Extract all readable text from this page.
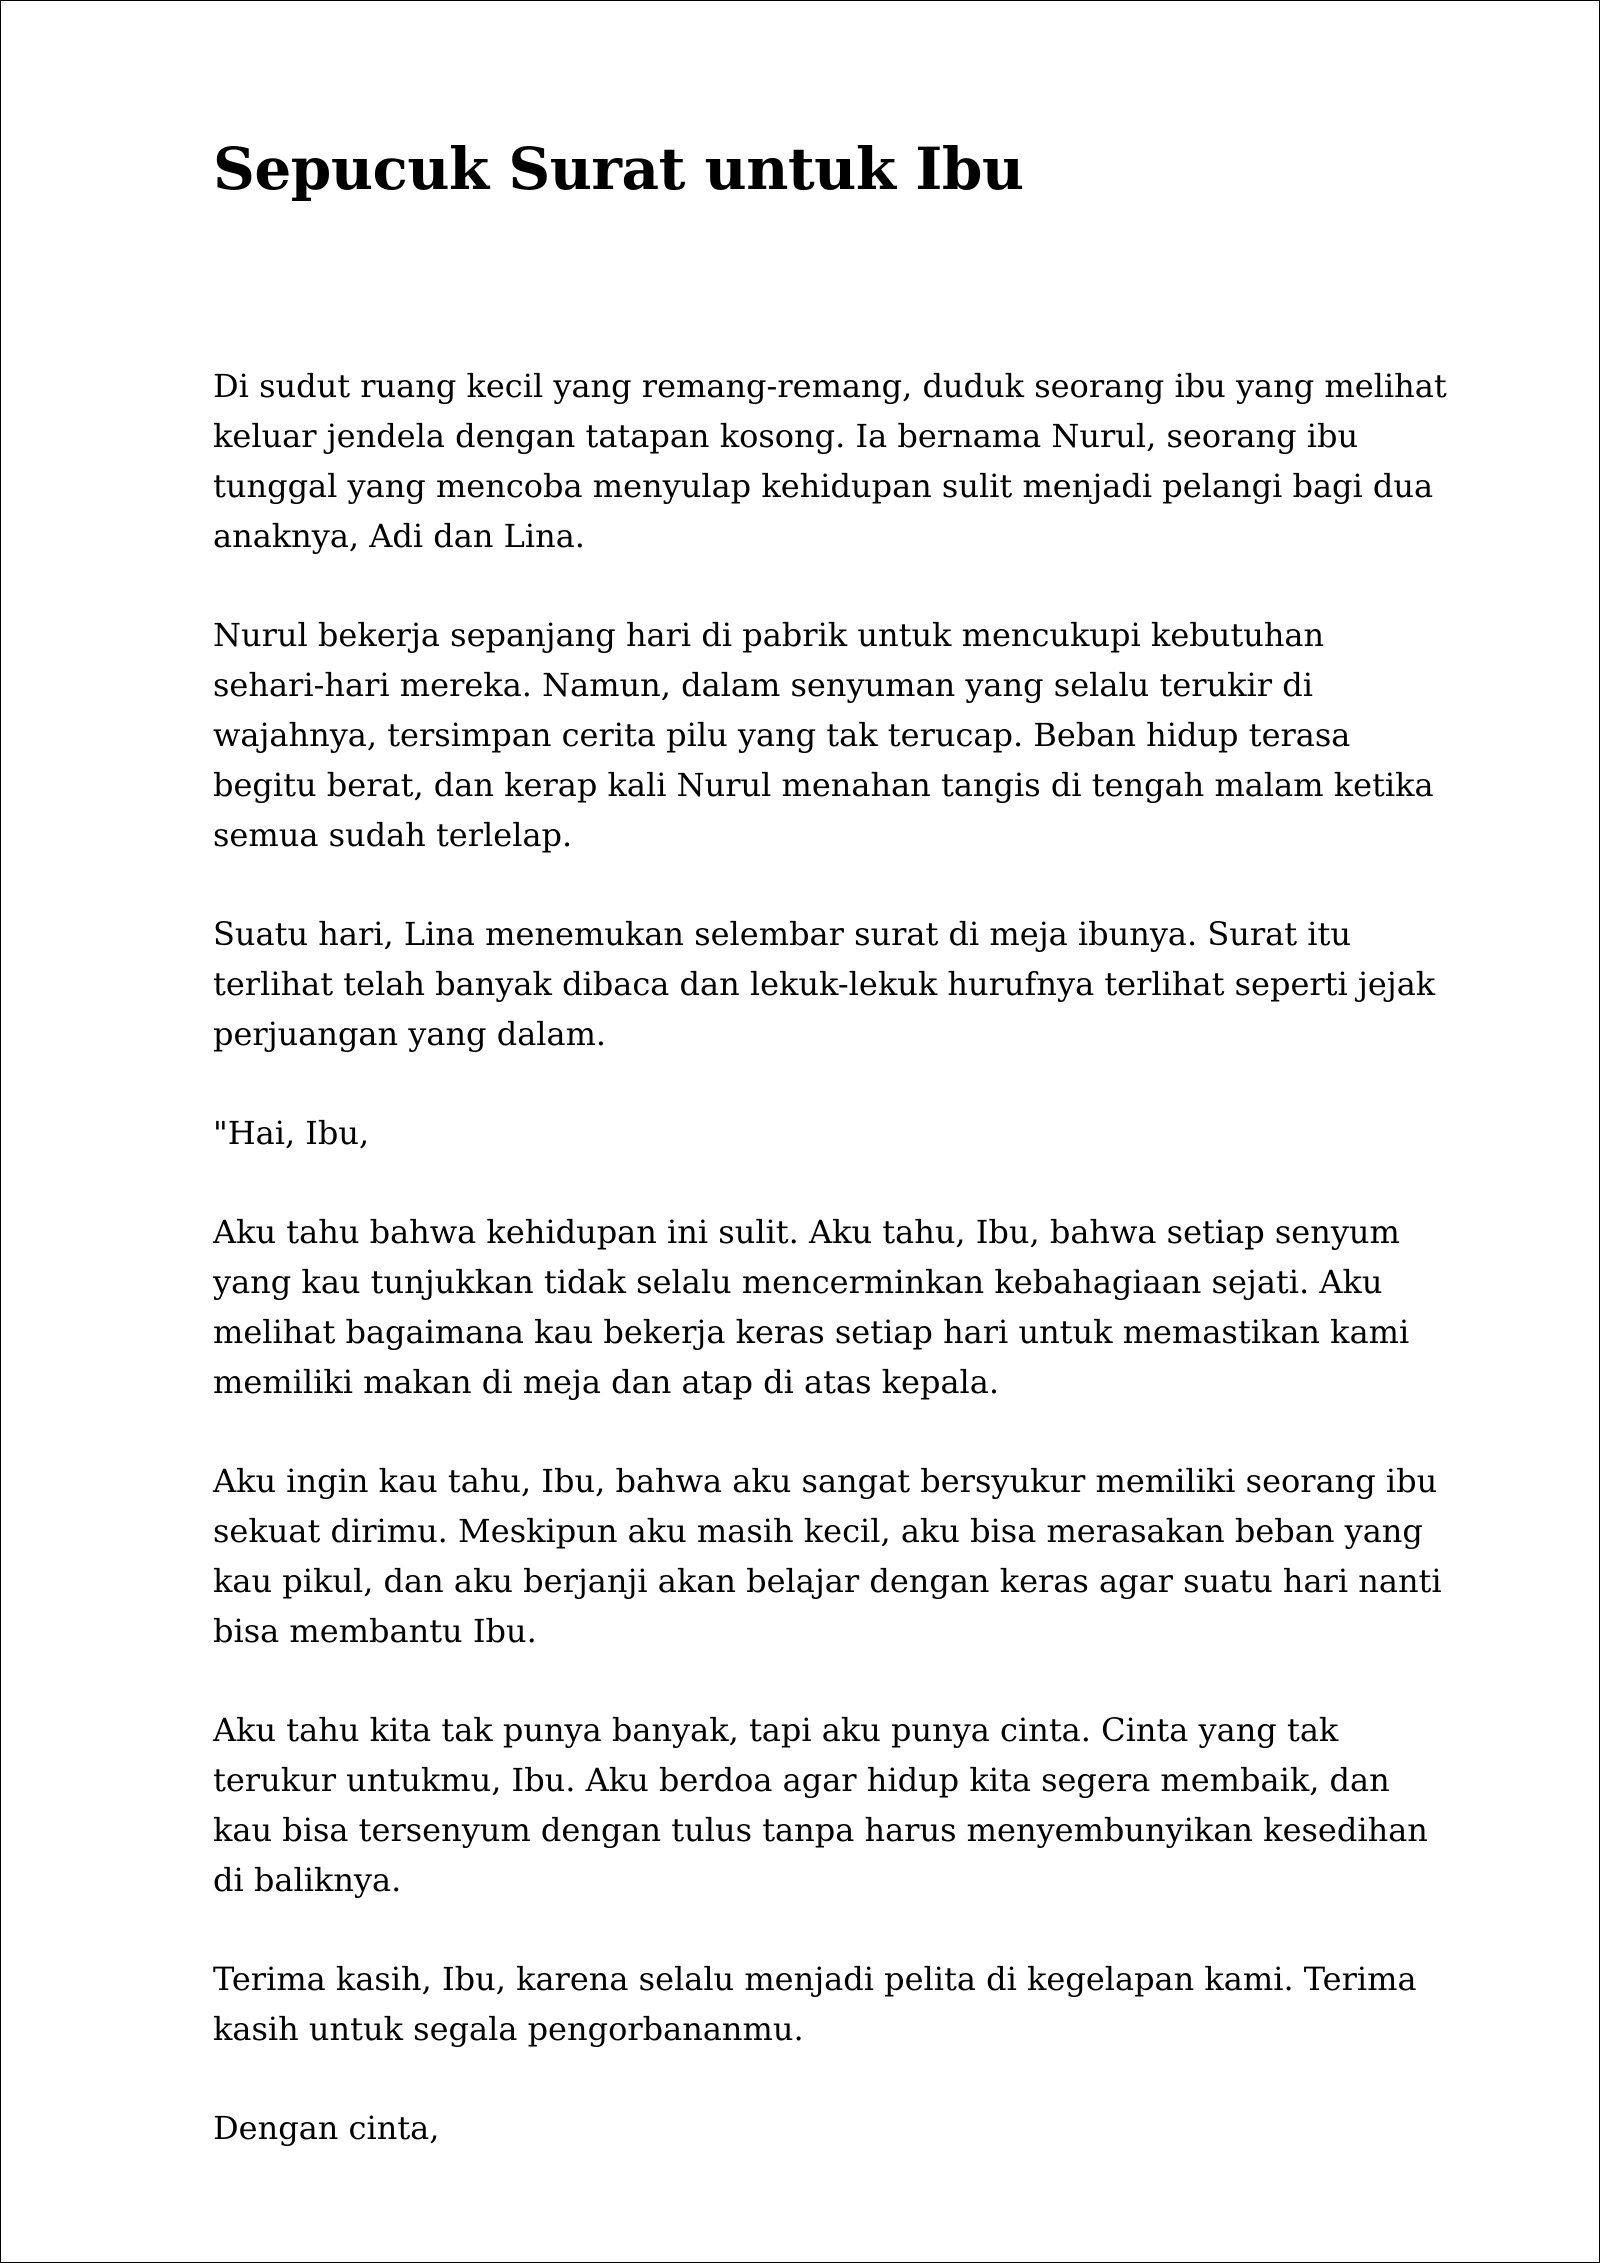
Sepucuk Surat untuk Ibu

Di sudut ruang kecil yang remang-remang, duduk seorang ibu yang melihat
keluar jendela dengan tatapan kosong. Ia bernama Nurul, seorang ibu
tunggal yang mencoba menyulap kehidupan sulit menjadi pelangi bagi dua
anaknya, Adi dan Lina.

Nurul bekerja sepanjang hari di pabrik untuk mencukupi kebutuhan
sehari-hari mereka. Namun, dalam senyuman yang selalu terukir di
wajahnya, tersimpan cerita pilu yang tak terucap. Beban hidup terasa
begitu berat, dan kerap kali Nurul menahan tangis di tengah malam ketika
semua sudah terlelap.

Suatu hari, Lina menemukan selembar surat di meja ibunya. Surat itu
terlihat telah banyak dibaca dan lekuk-lekuk hurufnya terlihat seperti jejak
perjuangan yang dalam.

"Hai, Ibu,

Aku tahu bahwa kehidupan ini sulit. Aku tahu, Ibu, bahwa setiap senyum
yang kau tunjukkan tidak selalu mencerminkan kebahagiaan sejati. Aku
melihat bagaimana kau bekerja keras setiap hari untuk memastikan kami
memiliki makan di meja dan atap di atas kepala.

Aku ingin kau tahu, Ibu, bahwa aku sangat bersyukur memiliki seorang ibu
sekuat dirimu. Meskipun aku masih kecil, aku bisa merasakan beban yang
kau pikul, dan aku berjanji akan belajar dengan keras agar suatu hari nanti
bisa membantu Ibu.

Aku tahu kita tak punya banyak, tapi aku punya cinta. Cinta yang tak
terukur untukmu, Ibu. Aku berdoa agar hidup kita segera membaik, dan
kau bisa tersenyum dengan tulus tanpa harus menyembunyikan kesedihan
di baliknya.

Terima kasih, Ibu, karena selalu menjadi pelita di kegelapan kami. Terima
kasih untuk segala pengorbananmu.

Dengan cinta,
